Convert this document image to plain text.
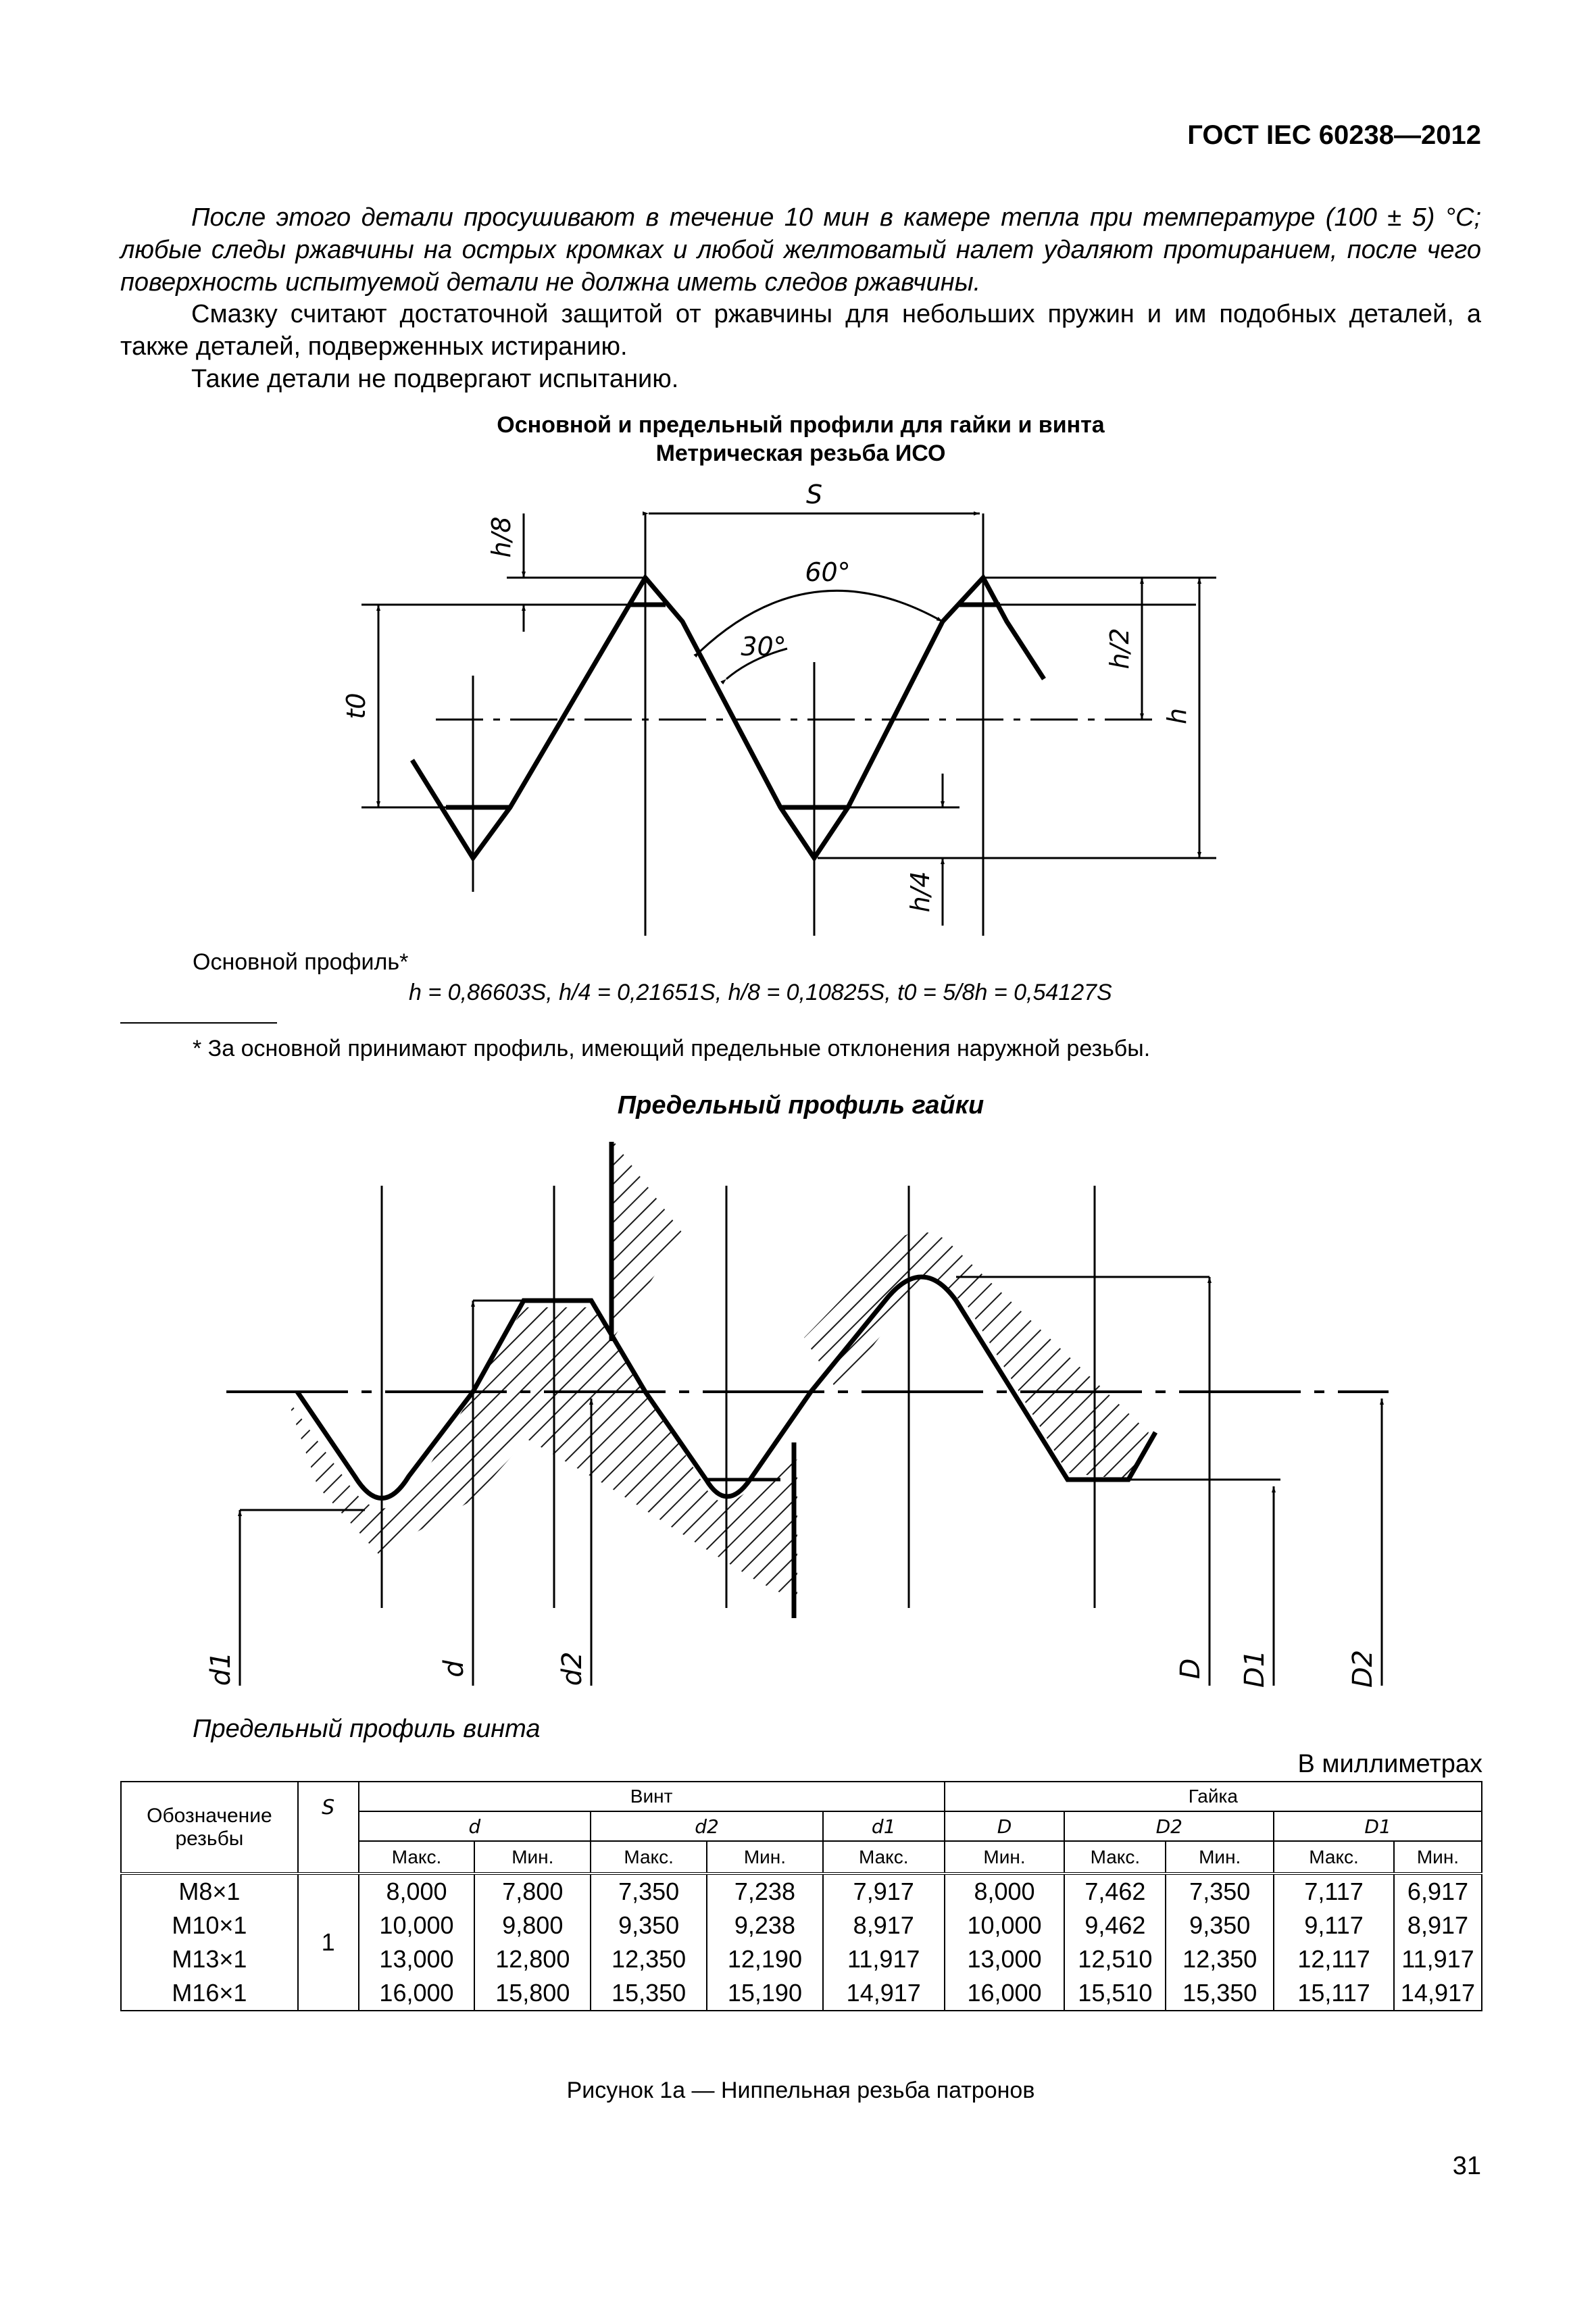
ГОСТ IEC 60238—2012
После этого детали просушивают в течение 10 мин в камере тепла при температуре (100 ± 5) °С; любые следы ржавчины на острых кромках и любой желтоватый налет удаляют протиранием, после чего поверхность испытуемой детали не должна иметь следов ржавчины.
Смазку считают достаточной защитой от ржавчины для небольших пружин и им подобных деталей, а также деталей, подверженных истиранию.
Такие детали не подвергают испытанию.
Основной и предельный профили для гайки и винта
Метрическая резьба ИСО
S
60°
30°
h/8
t0
h/2
h
h/4
d1	d	d2	D D1	D2
Основной профиль*
h = 0,86603S, h/4 = 0,21651S, h/8 = 0,10825S, t0 = 5/8h = 0,54127S
* За основной принимают профиль, имеющий предельные отклонения наружной резьбы.
Предельный профиль гайки
Предельный профиль винта
В миллиметрах
Обозначение резьбы	S	Винт					Гайка				
		d		d2		d1	D	D2		D1	
		Макс.	Мин.	Макс.	Мин.	Макс.	Мин.	Макс.	Мин.	Макс.	Мин.
M8×1	1	8,000	7,800	7,350	7,238	7,917	8,000	7,462	7,350	7,117	6,917
M10×1		10,000	9,800	9,350	9,238	8,917	10,000	9,462	9,350	9,117	8,917
M13×1		13,000	12,800	12,350	12,190	11,917	13,000	12,510	12,350	12,117	11,917
M16×1		16,000	15,800	15,350	15,190	14,917	16,000	15,510	15,350	15,117	14,917
Рисунок 1а — Ниппельная резьба патронов
31
